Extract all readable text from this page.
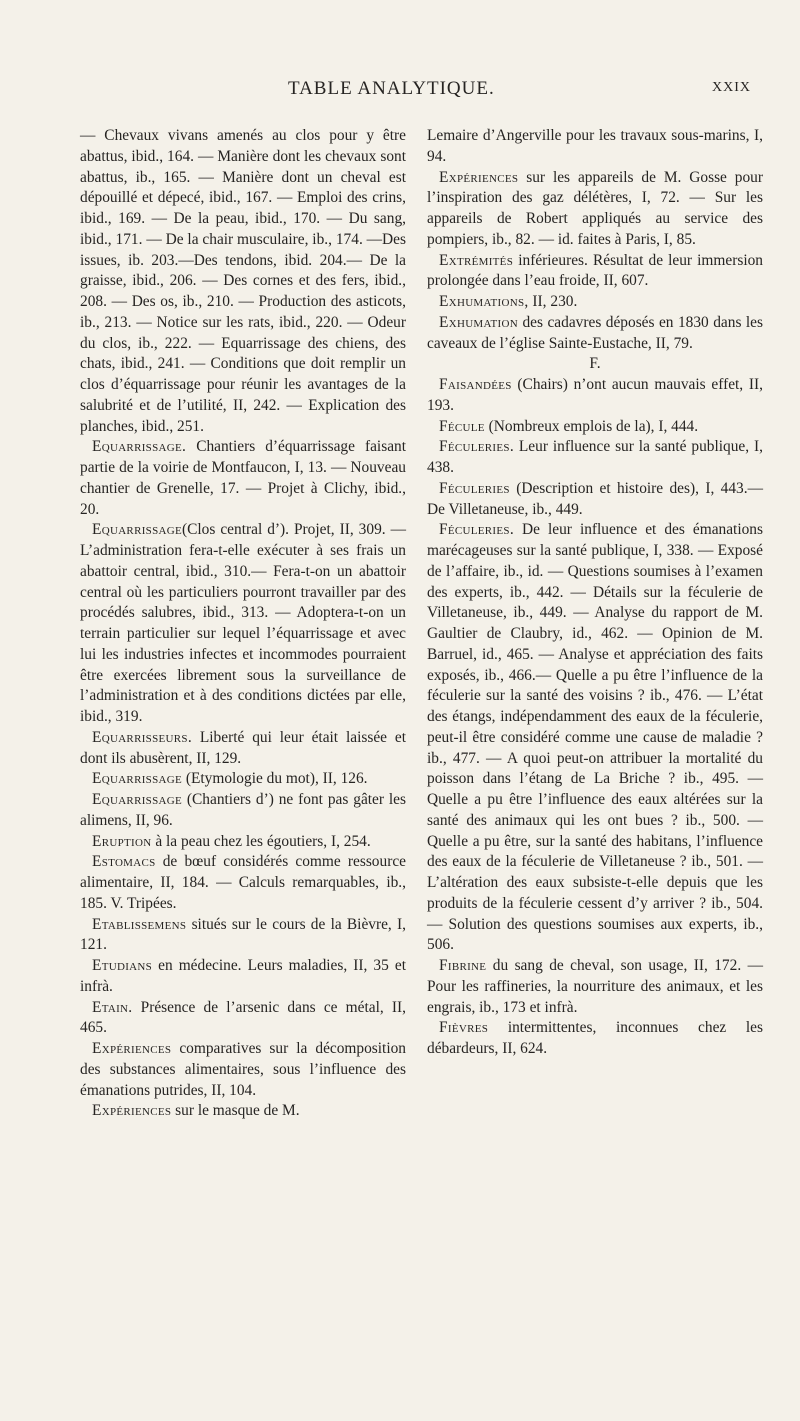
TABLE ANALYTIQUE.	XXIX

— Chevaux vivans amenés au clos pour y être abattus, ibid., 164. — Manière dont les chevaux sont abattus, ib., 165. — Manière dont un cheval est dépouillé et dépecé, ibid., 167. — Emploi des crins, ibid., 169. — De la peau, ibid., 170. — Du sang, ibid., 171. — De la chair musculaire, ib., 174. —Des issues, ib. 203.—Des tendons, ibid. 204.— De la graisse, ibid., 206. — Des cornes et des fers, ibid., 208. — Des os, ib., 210. — Production des asticots, ib., 213. — Notice sur les rats, ibid., 220. — Odeur du clos, ib., 222. — Equarrissage des chiens, des chats, ibid., 241. — Conditions que doit remplir un clos d’équarrissage pour réunir les avantages de la salubrité et de l’utilité, II, 242. — Explication des planches, ibid., 251.

Equarrissage. Chantiers d’équarrissage faisant partie de la voirie de Montfaucon, I, 13. — Nouveau chantier de Grenelle, 17. — Projet à Clichy, ibid., 20.

Equarrissage(Clos central d’). Projet, II, 309. — L’administration fera-t-elle exécuter à ses frais un abattoir central, ibid., 310.— Fera-t-on un abattoir central où les particuliers pourront travailler par des procédés salubres, ibid., 313. — Adoptera-t-on un terrain particulier sur lequel l’équarrissage et avec lui les industries infectes et incommodes pourraient être exercées librement sous la surveillance de l’administration et à des conditions dictées par elle, ibid., 319.

Equarrisseurs. Liberté qui leur était laissée et dont ils abusèrent, II, 129.

Equarrissage (Etymologie du mot), II, 126.

Equarrissage (Chantiers d’) ne font pas gâter les alimens, II, 96.

Eruption à la peau chez les égoutiers, I, 254.

Estomacs de bœuf considérés comme ressource alimentaire, II, 184. — Calculs remarquables, ib., 185. V. Tripées.

Etablissemens situés sur le cours de la Bièvre, I, 121.

Etudians en médecine. Leurs maladies, II, 35 et infrà.

Etain. Présence de l’arsenic dans ce métal, II, 465.

Expériences comparatives sur la décomposition des substances alimentaires, sous l’influence des émanations putrides, II, 104.

Expériences sur le masque de M.

Lemaire d’Angerville pour les travaux sous-marins, I, 94.

Expériences sur les appareils de M. Gosse pour l’inspiration des gaz délétères, I, 72. — Sur les appareils de Robert appliqués au service des pompiers, ib., 82. — id. faites à Paris, I, 85.

Extrémités inférieures. Résultat de leur immersion prolongée dans l’eau froide, II, 607.

Exhumations, II, 230.

Exhumation des cadavres déposés en 1830 dans les caveaux de l’église Sainte-Eustache, II, 79.

F.

Faisandées (Chairs) n’ont aucun mauvais effet, II, 193.

Fécule (Nombreux emplois de la), I, 444.

Féculeries. Leur influence sur la santé publique, I, 438.

Féculeries (Description et histoire des), I, 443.—De Villetaneuse, ib., 449.

Féculeries. De leur influence et des émanations marécageuses sur la santé publique, I, 338. — Exposé de l’affaire, ib., id. — Questions soumises à l’examen des experts, ib., 442. — Détails sur la féculerie de Villetaneuse, ib., 449. — Analyse du rapport de M. Gaultier de Claubry, id., 462. — Opinion de M. Barruel, id., 465. — Analyse et appréciation des faits exposés, ib., 466.— Quelle a pu être l’influence de la féculerie sur la santé des voisins ? ib., 476. — L’état des étangs, indépendamment des eaux de la féculerie, peut-il être considéré comme une cause de maladie ? ib., 477. — A quoi peut-on attribuer la mortalité du poisson dans l’étang de La Briche ? ib., 495. — Quelle a pu être l’influence des eaux altérées sur la santé des animaux qui les ont bues ? ib., 500. — Quelle a pu être, sur la santé des habitans, l’influence des eaux de la féculerie de Villetaneuse ? ib., 501. — L’altération des eaux subsiste-t-elle depuis que les produits de la féculerie cessent d’y arriver ? ib., 504. — Solution des questions soumises aux experts, ib., 506.

Fibrine du sang de cheval, son usage, II, 172. — Pour les raffineries, la nourriture des animaux, et les engrais, ib., 173 et infrà.

Fièvres intermittentes, inconnues chez les débardeurs, II, 624.
